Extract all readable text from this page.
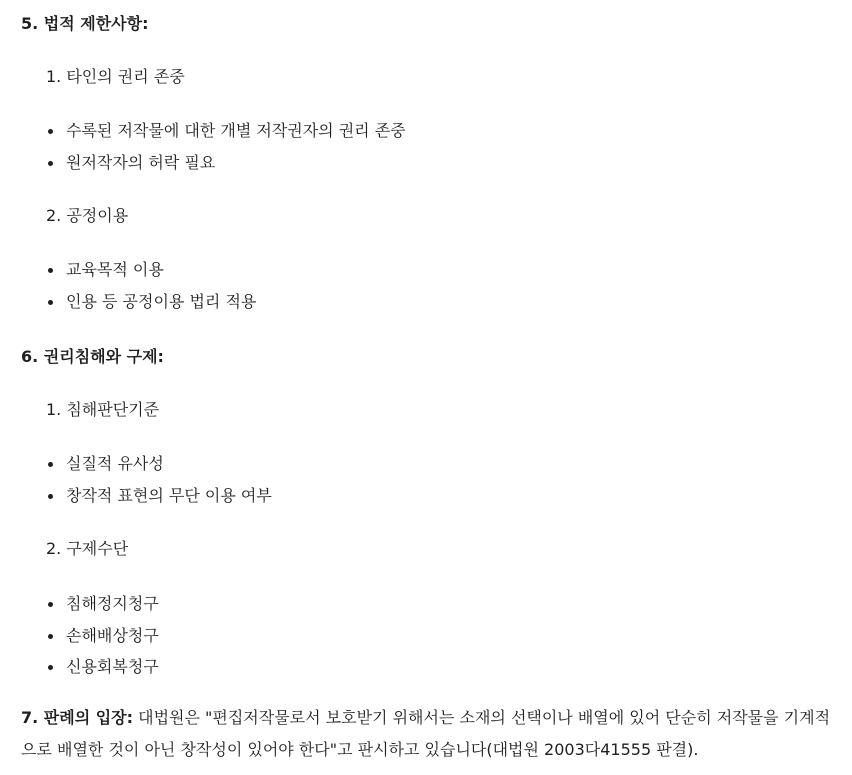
5. 법적 제한사항:
1. 타인의 권리 존중
수록된 저작물에 대한 개별 저작권자의 권리 존중
원저작자의 허락 필요
2. 공정이용
교육목적 이용
인용 등 공정이용 법리 적용
6. 권리침해와 구제:
1. 침해판단기준
실질적 유사성
창작적 표현의 무단 이용 여부
2. 구제수단
침해정지청구
손해배상청구
신용회복청구
7. 판례의 입장: 대법원은 "편집저작물로서 보호받기 위해서는 소재의 선택이나 배열에 있어 단순히 저작물을 기계적으로 배열한 것이 아닌 창작성이 있어야 한다"고 판시하고 있습니다(대법원 2003다41555 판결).
